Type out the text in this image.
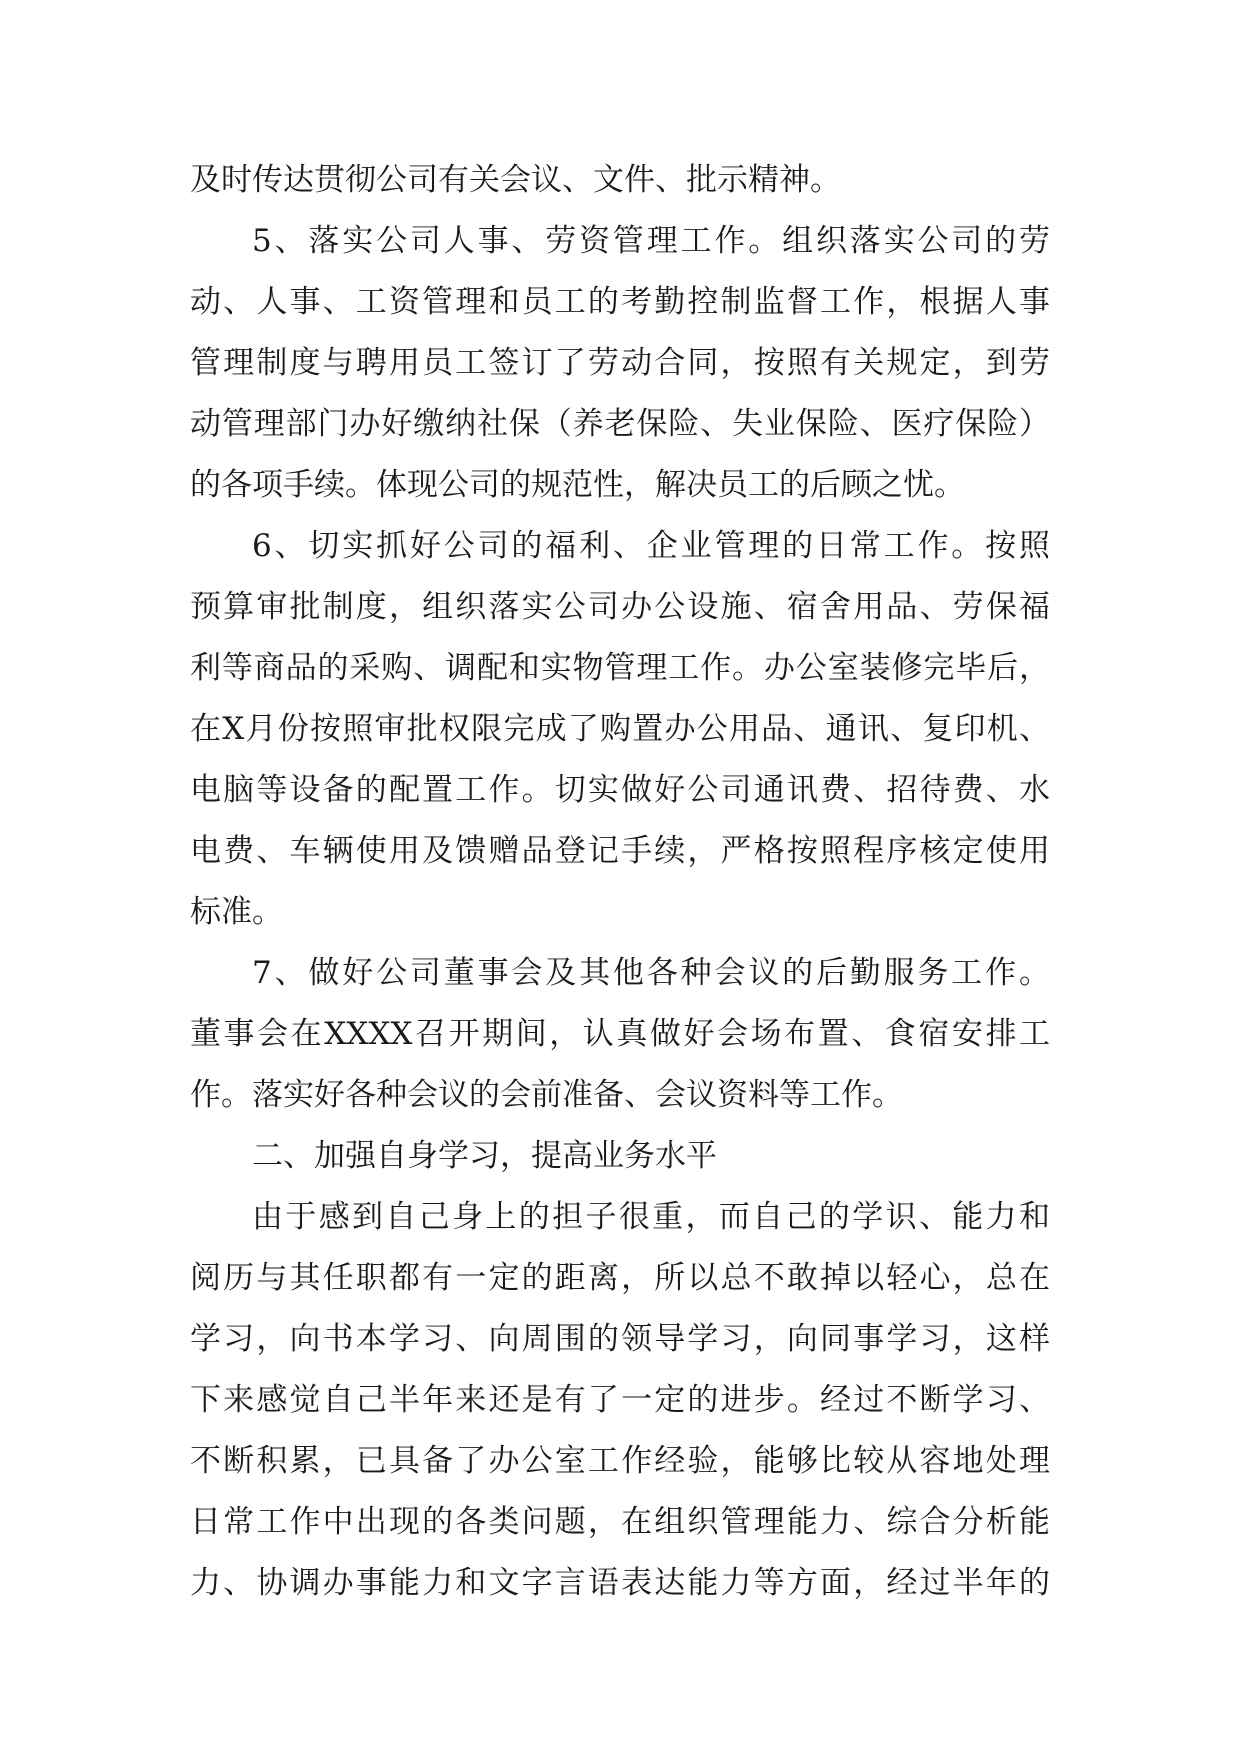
及时传达贯彻公司有关会议、文件、批示精神。
5、落实公司人事、劳资管理工作。组织落实公司的劳
动、人事、工资管理和员工的考勤控制监督工作，根据人事
管理制度与聘用员工签订了劳动合同，按照有关规定，到劳
动管理部门办好缴纳社保（养老保险、失业保险、医疗保险）
的各项手续。体现公司的规范性，解决员工的后顾之忧。
6、切实抓好公司的福利、企业管理的日常工作。按照
预算审批制度，组织落实公司办公设施、宿舍用品、劳保福
利等商品的采购、调配和实物管理工作。办公室装修完毕后，
在X月份按照审批权限完成了购置办公用品、通讯、复印机、
电脑等设备的配置工作。切实做好公司通讯费、招待费、水
电费、车辆使用及馈赠品登记手续，严格按照程序核定使用
标准。
7、做好公司董事会及其他各种会议的后勤服务工作。
董事会在XXXX召开期间，认真做好会场布置、食宿安排工
作。落实好各种会议的会前准备、会议资料等工作。
二、加强自身学习，提高业务水平
由于感到自己身上的担子很重，而自己的学识、能力和
阅历与其任职都有一定的距离，所以总不敢掉以轻心，总在
学习，向书本学习、向周围的领导学习，向同事学习，这样
下来感觉自己半年来还是有了一定的进步。经过不断学习、
不断积累，已具备了办公室工作经验，能够比较从容地处理
日常工作中出现的各类问题，在组织管理能力、综合分析能
力、协调办事能力和文字言语表达能力等方面，经过半年的
